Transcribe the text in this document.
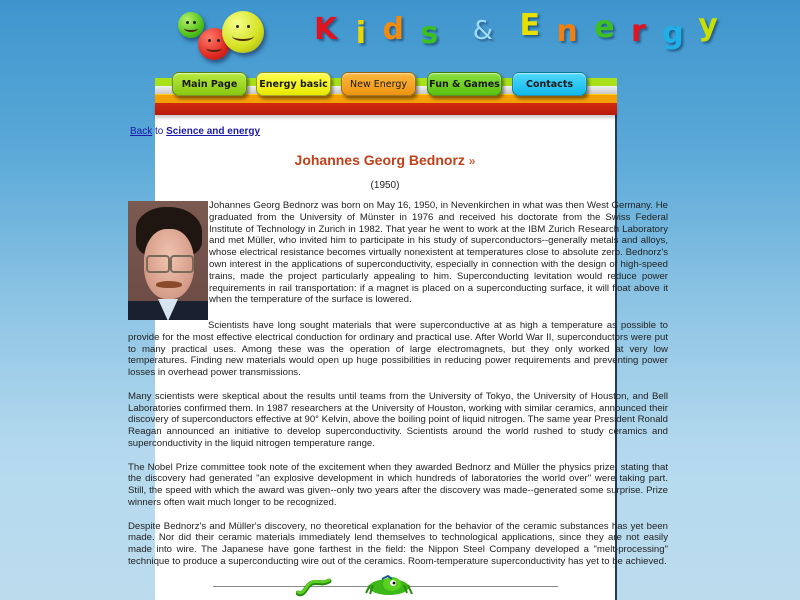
K i d s & E n e r g y
Main Page	Energy basic	New Energy	Fun & Games	Contacts
Back to Science and energy
Johannes Georg Bednorz »
(1950)

Johannes Georg Bednorz was born on May 16, 1950, in Nevenkirchen in what was then West Germany. He graduated from the University of Münster in 1976 and received his doctorate from the Swiss Federal Institute of Technology in Zurich in 1982. That year he went to work at the IBM Zurich Research Laboratory and met Müller, who invited him to participate in his study of superconductors--generally metals and alloys, whose electrical resistance becomes virtually nonexistent at temperatures close to absolute zero. Bednorz's own interest in the applications of superconductivity, especially in connection with the design of high-speed trains, made the project particularly appealing to him. Superconducting levitation would reduce power requirements in rail transportation: if a magnet is placed on a superconducting surface, it will float above it when the temperature of the surface is lowered.

Scientists have long sought materials that were superconductive at as high a temperature as possible to provide for the most effective electrical conduction for ordinary and practical use. After World War II, superconductors were put to many practical uses. Among these was the operation of large electromagnets, but they only worked at very low temperatures. Finding new materials would open up huge possibilities in reducing power requirements and preventing power losses in overhead power transmissions.

Many scientists were skeptical about the results until teams from the University of Tokyo, the University of Houston, and Bell Laboratories confirmed them. In 1987 researchers at the University of Houston, working with similar ceramics, announced their discovery of superconductors effective at 90° Kelvin, above the boiling point of liquid nitrogen. The same year President Ronald Reagan announced an initiative to develop superconductivity. Scientists around the world rushed to study ceramics and superconductivity in the liquid nitrogen temperature range.

The Nobel Prize committee took note of the excitement when they awarded Bednorz and Müller the physics prize, stating that the discovery had generated "an explosive development in which hundreds of laboratories the world over" were taking part. Still, the speed with which the award was given--only two years after the discovery was made--generated some surprise. Prize winners often wait much longer to be recognized.

Despite Bednorz's and Müller's discovery, no theoretical explanation for the behavior of the ceramic substances has yet been made. Nor did their ceramic materials immediately lend themselves to technological applications, since they are not easily made into wire. The Japanese have gone farthest in the field: the Nippon Steel Company developed a "melt-processing" technique to produce a superconducting wire out of the ceramics. Room-temperature superconductivity has yet to be achieved.
